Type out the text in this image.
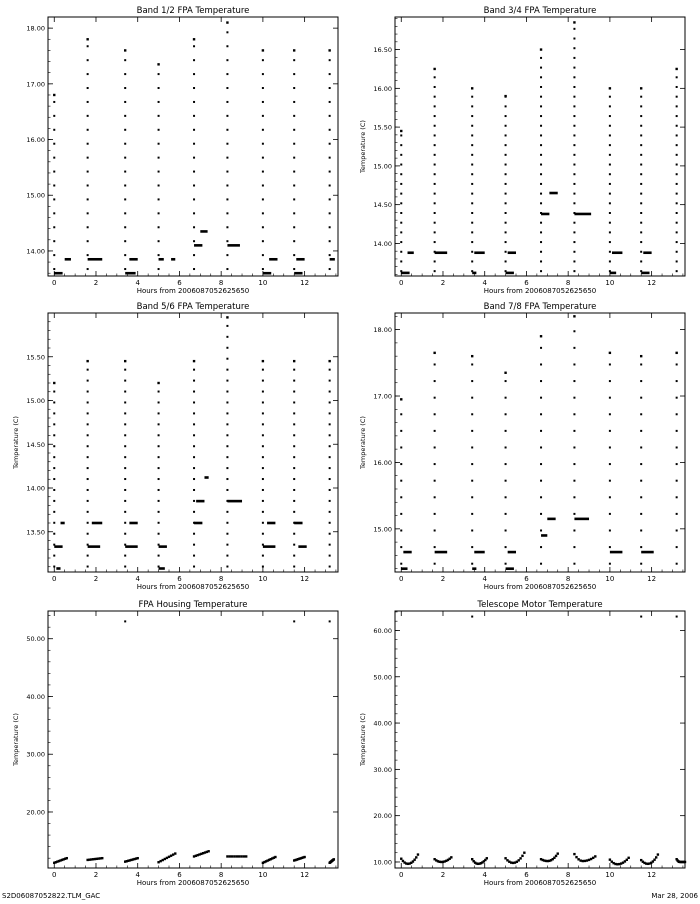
Band 1/2 FPA Temperature
Hours from 2006087052625650
0	2	4	6	8	10	12
14.00
15.00
16.00
17.00
18.00
Band 3/4 FPA Temperature
Hours from 2006087052625650
Temperature (C)
0	2	4	6	8	10	12
14.00
14.50
15.00
15.50
16.00
16.50
Band 5/6 FPA Temperature
Hours from 2006087052625650
Temperature (C)
0	2	4	6	8	10	12
13.50
14.00
14.50
15.00
15.50
Band 7/8 FPA Temperature
Hours from 2006087052625650
Temperature (C)
0	2	4	6	8	10	12
15.00
16.00
17.00
18.00
FPA Housing Temperature
Hours from 2006087052625650
Temperature (C)
0	2	4	6	8	10	12
20.00
30.00
40.00
50.00
Telescope Motor Temperature
Hours from 2006087052625650
Temperature (C)
0	2	4	6	8	10	12
10.00
20.00
30.00
40.00
50.00
60.00
S2D06087052822.TLM_GAC	Mar 28, 2006
